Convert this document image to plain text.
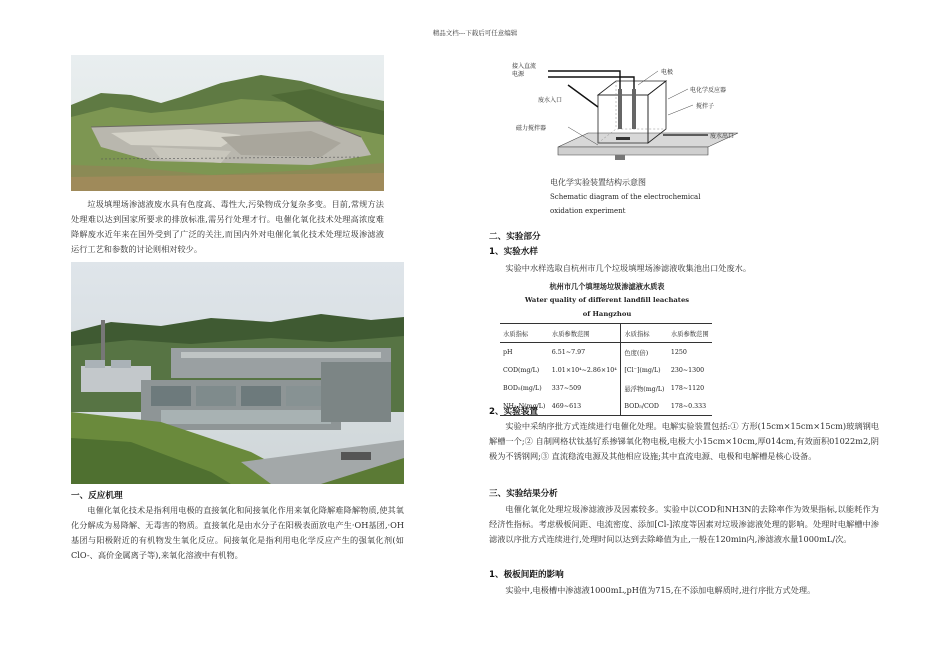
精品文档---下载后可任意编辑
垃圾填埋场渗滤液废水具有色度高、毒性大,污染物成分复杂多变。目前,常规方法处理难以达到国家所要求的排放标准,需另行处理才行。电催化氧化技术处理高浓度难降解废水近年来在国外受到了广泛的关注,而国内外对电催化氧化技术处理垃圾渗滤液运行工艺和参数的讨论则相对较少。
一、反应机理
电催化氧化技术是指利用电极的直接氧化和间接氧化作用来氧化降解难降解物质,使其氧化分解成为易降解、无毒害的物质。直接氧化是由水分子在阳极表面放电产生·OH基团,·OH基团与阳极附近的有机物发生氧化反应。间接氧化是指利用电化学反应产生的强氧化剂(如ClO-、高价金属离子等),来氧化溶液中有机物。
接入直流
电源	电极
废水入口
电化学反应器
搅拌子
磁力搅拌器
废水出口
电化学实验装置结构示意图
Schematic diagram of the electrochemical
oxidation experiment
二、实验部分
1、实验水样
实验中水样选取自杭州市几个垃圾填埋场渗滤液收集池出口处废水。
杭州市几个填埋场垃圾渗滤液水质表
Water quality of different landfill leachates
of Hangzhou
水质指标	水质参数范围	水质指标	水质参数范围
pH	6.51~7.97	色度(倍)	1250
COD(mg/L)	1.01×10⁴~2.86×10⁴	[Cl⁻](mg/L)	230~1300
BOD₅(mg/L)	337~509	悬浮物(mg/L)	178~1120
NH₃-N(mg/L)	469~613	BOD₅/COD	178~0.333
2、实验装置
实验中采纳序批方式连续进行电催化处理。电解实验装置包括:① 方形(15cm×15cm×15cm)玻璃钢电解槽一个;② 自制网格状钛基钌系掺锑氧化物电极,电极大小15cm×10cm,厚014cm,有效面积01022m2,阴极为不锈钢网;③ 直流稳流电源及其他相应设施;其中直流电源、电极和电解槽是核心设备。
三、实验结果分析
电催化氧化处理垃圾渗滤液涉及因素较多。实验中以COD和NH3N的去除率作为效果指标,以能耗作为经济性指标。考虑极板间距、电流密度、添加[Cl-]浓度等因素对垃圾渗滤液处理的影响。处理时电解槽中渗滤液以序批方式连续进行,处理时间以达到去除峰值为止,一般在120min内,渗滤液水量1000mL/次。
1、极板间距的影响
实验中,电极槽中渗滤液1000mL,pH值为715,在不添加电解质时,进行序批方式处理。
